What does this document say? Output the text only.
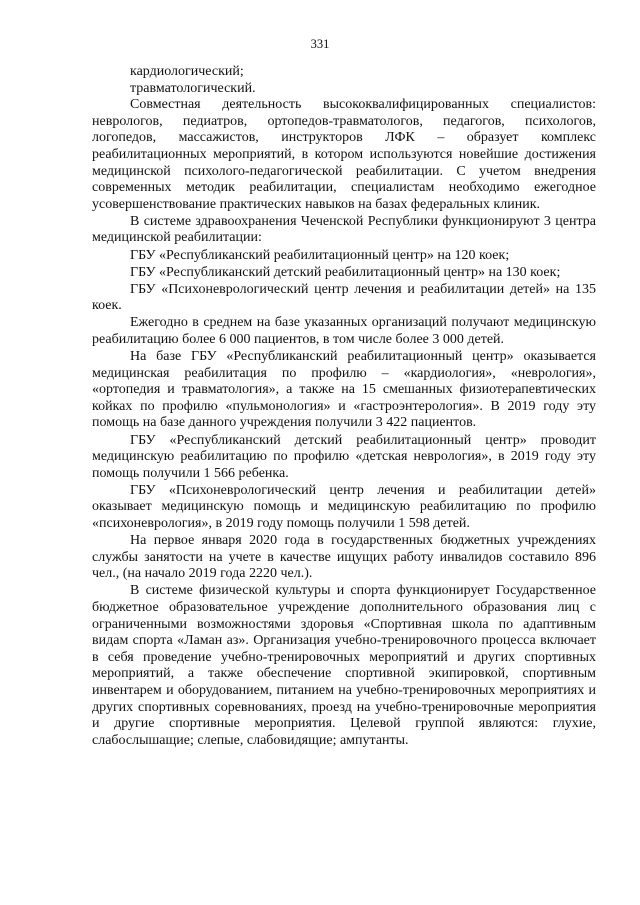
331

кардиологический;

травматологический.

Совместная деятельность высококвалифицированных специалистов: неврологов, педиатров, ортопедов-травматологов, педагогов, психологов, логопедов, массажистов, инструкторов ЛФК – образует комплекс реабилитационных мероприятий, в котором используются новейшие достижения медицинской психолого-педагогической реабилитации. С учетом внедрения современных методик реабилитации, специалистам необходимо ежегодное усовершенствование практических навыков на базах федеральных клиник.

В системе здравоохранения Чеченской Республики функционируют 3 центра медицинской реабилитации:

ГБУ «Республиканский реабилитационный центр» на 120 коек;

ГБУ «Республиканский детский реабилитационный центр» на 130 коек;

ГБУ «Психоневрологический центр лечения и реабилитации детей» на 135 коек.

Ежегодно в среднем на базе указанных организаций получают медицинскую реабилитацию более 6 000 пациентов, в том числе более 3 000 детей.

На базе ГБУ «Республиканский реабилитационный центр» оказывается медицинская реабилитация по профилю – «кардиология», «неврология», «ортопедия и травматология», а также на 15 смешанных физиотерапевтических койках по профилю «пульмонология» и «гастроэнтерология». В 2019 году эту помощь на базе данного учреждения получили 3 422 пациентов.

ГБУ «Республиканский детский реабилитационный центр» проводит медицинскую реабилитацию по профилю «детская неврология», в 2019 году эту помощь получили 1 566 ребенка.

ГБУ «Психоневрологический центр лечения и реабилитации детей» оказывает медицинскую помощь и медицинскую реабилитацию по профилю «психоневрология», в 2019 году помощь получили 1 598 детей.

На первое января 2020 года в государственных бюджетных учреждениях службы занятости на учете в качестве ищущих работу инвалидов составило 896 чел., (на начало 2019 года 2220 чел.).

В системе физической культуры и спорта функционирует Государственное бюджетное образовательное учреждение дополнительного образования лиц с ограниченными возможностями здоровья «Спортивная школа по адаптивным видам спорта «Ламан аз». Организация учебно-тренировочного процесса включает в себя проведение учебно-тренировочных мероприятий и других спортивных мероприятий, а также обеспечение спортивной экипировкой, спортивным инвентарем и оборудованием, питанием на учебно-тренировочных мероприятиях и других спортивных соревнованиях, проезд на учебно-тренировочные мероприятия и другие спортивные мероприятия. Целевой группой являются: глухие, слабослышащие; слепые, слабовидящие; ампутанты.
